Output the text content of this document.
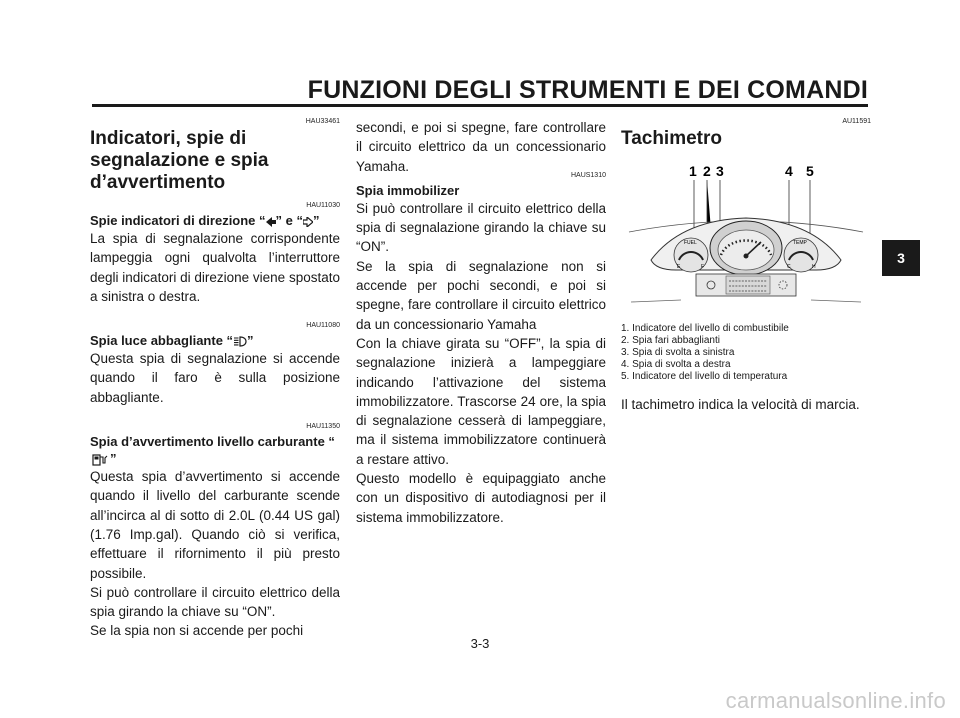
FUNZIONI DEGLI STRUMENTI E DEI COMANDI
HAU33461
Indicatori, spie di segnalazione e spia d’avvertimento
HAU11030
Spie indicatori di direzione “ ” e “ ”

La spia di segnalazione corrispondente lampeggia ogni qualvolta l’interruttore degli indicatori di direzione viene spostato a sinistra o destra.

HAU11080
Spia luce abbagliante “ ”

Questa spia di segnalazione si accende quando il faro è sulla posizione abbagliante.

HAU11350
Spia d’avvertimento livello carburante “”

Questa spia d’avvertimento si accende quando il livello del carburante scende all’incirca al di sotto di 2.0L (0.44 US gal) (1.76 Imp.gal). Quando ciò si verifica, effettuare il rifornimento il più presto possibile.

Si può controllare il circuito elettrico della spia girando la chiave su “ON”.

Se la spia non si accende per pochi

secondi, e poi si spegne, fare controllare il circuito elettrico da un concessionario Yamaha.

HAUS1310
Spia immobilizer

Si può controllare il circuito elettrico della spia di segnalazione girando la chiave su “ON”.

Se la spia di segnalazione non si accende per pochi secondi, e poi si spegne, fare controllare il circuito elettrico da un concessionario Yamaha

Con la chiave girata su “OFF”, la spia di segnalazione inizierà a lampeggiare indicando l’attivazione del sistema immobilizzatore. Trascorse 24 ore, la spia di segnalazione cesserà di lampeggiare, ma il sistema immobilizzatore continuerà a restare attivo.

Questo modello è equipaggiato anche con un dispositivo di autodiagnosi per il sistema immobilizzatore.

AU11591
Tachimetro
1 2 3	4 5
FUEL	TEMP
E	F	C	H

1. Indicatore del livello di combustibile

2. Spia fari abbaglianti

3. Spia di svolta a sinistra

4. Spia di svolta a destra

5. Indicatore del livello di temperatura

Il tachimetro indica la velocità di marcia.

3
3-3
carmanualsonline.info
